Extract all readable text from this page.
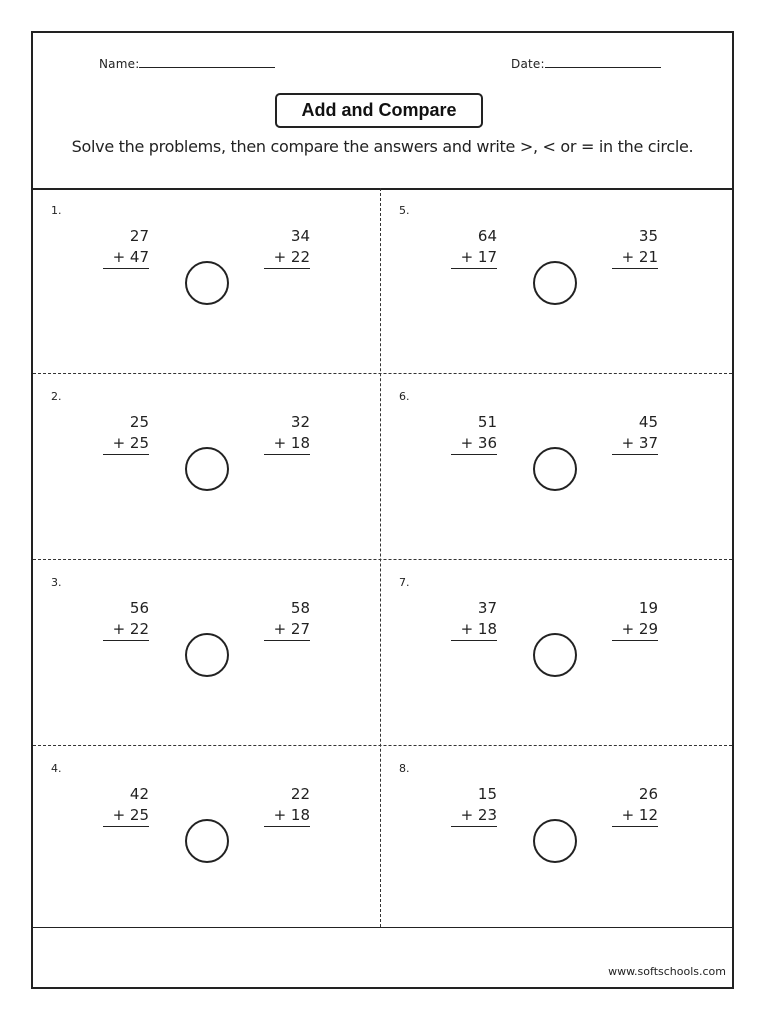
Name:	Date:
Add and Compare
Solve the problems, then compare the answers and write >, < or = in the circle.
1.
27
+ 47
34
+ 22
2.
25
+ 25
32
+ 18
3.
56
+ 22
58
+ 27
4.
42
+ 25
22
+ 18
5.
64
+ 17
35
+ 21
6.
51
+ 36
45
+ 37
7.
37
+ 18
19
+ 29
8.
15
+ 23
26
+ 12
www.softschools.com
